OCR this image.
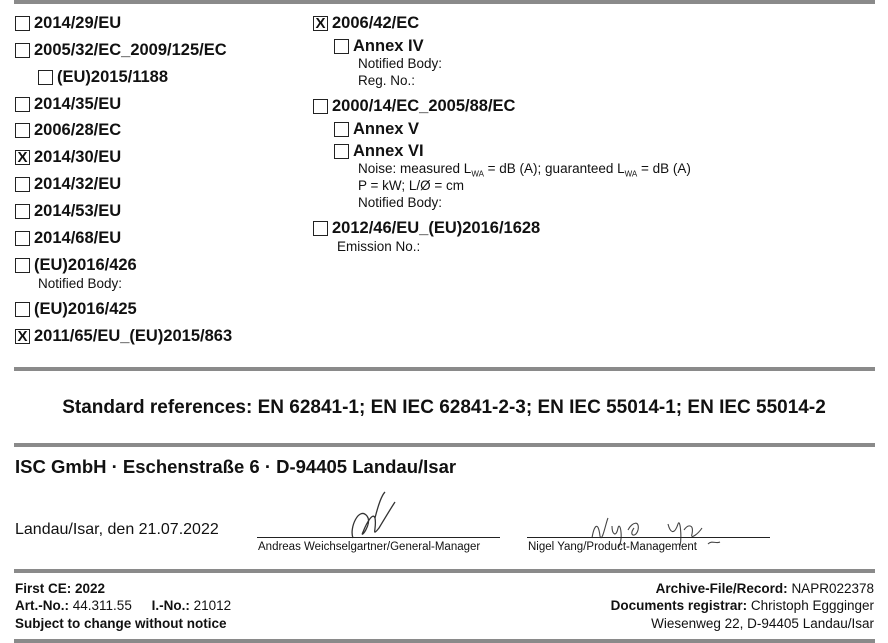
2014/29/EU
2005/32/EC_2009/125/EC
(EU)2015/1188
2014/35/EU
2006/28/EC
X 2014/30/EU
2014/32/EU
2014/53/EU
2014/68/EU
(EU)2016/426
Notified Body:
(EU)2016/425
X 2011/65/EU_(EU)2015/863
X 2006/42/EC
Annex IV
Notified Body:
Reg. No.:
2000/14/EC_2005/88/EC
Annex V
Annex VI
Noise: measured $L_{WA}$ = dB (A); guaranteed $L_{WA}$ = dB (A)
P = kW; L/Ø = cm
Notified Body:
2012/46/EU_(EU)2016/1628
Emission No.:
Standard references: EN 62841-1; EN IEC 62841-2-3; EN IEC 55014-1; EN IEC 55014-2
ISC GmbH · Eschenstraße 6 · D-94405 Landau/Isar
Landau/Isar, den 21.07.2022
Andreas Weichselgartner/General-Manager	Nigel Yang/Product-Management
First CE: 2022
Art.-No.: 44.311.55 I.-No.: 21012
Subject to change without notice
Archive-File/Record: NAPR022378
Documents registrar: Christoph Eggginger
Wiesenweg 22, D-94405 Landau/Isar
